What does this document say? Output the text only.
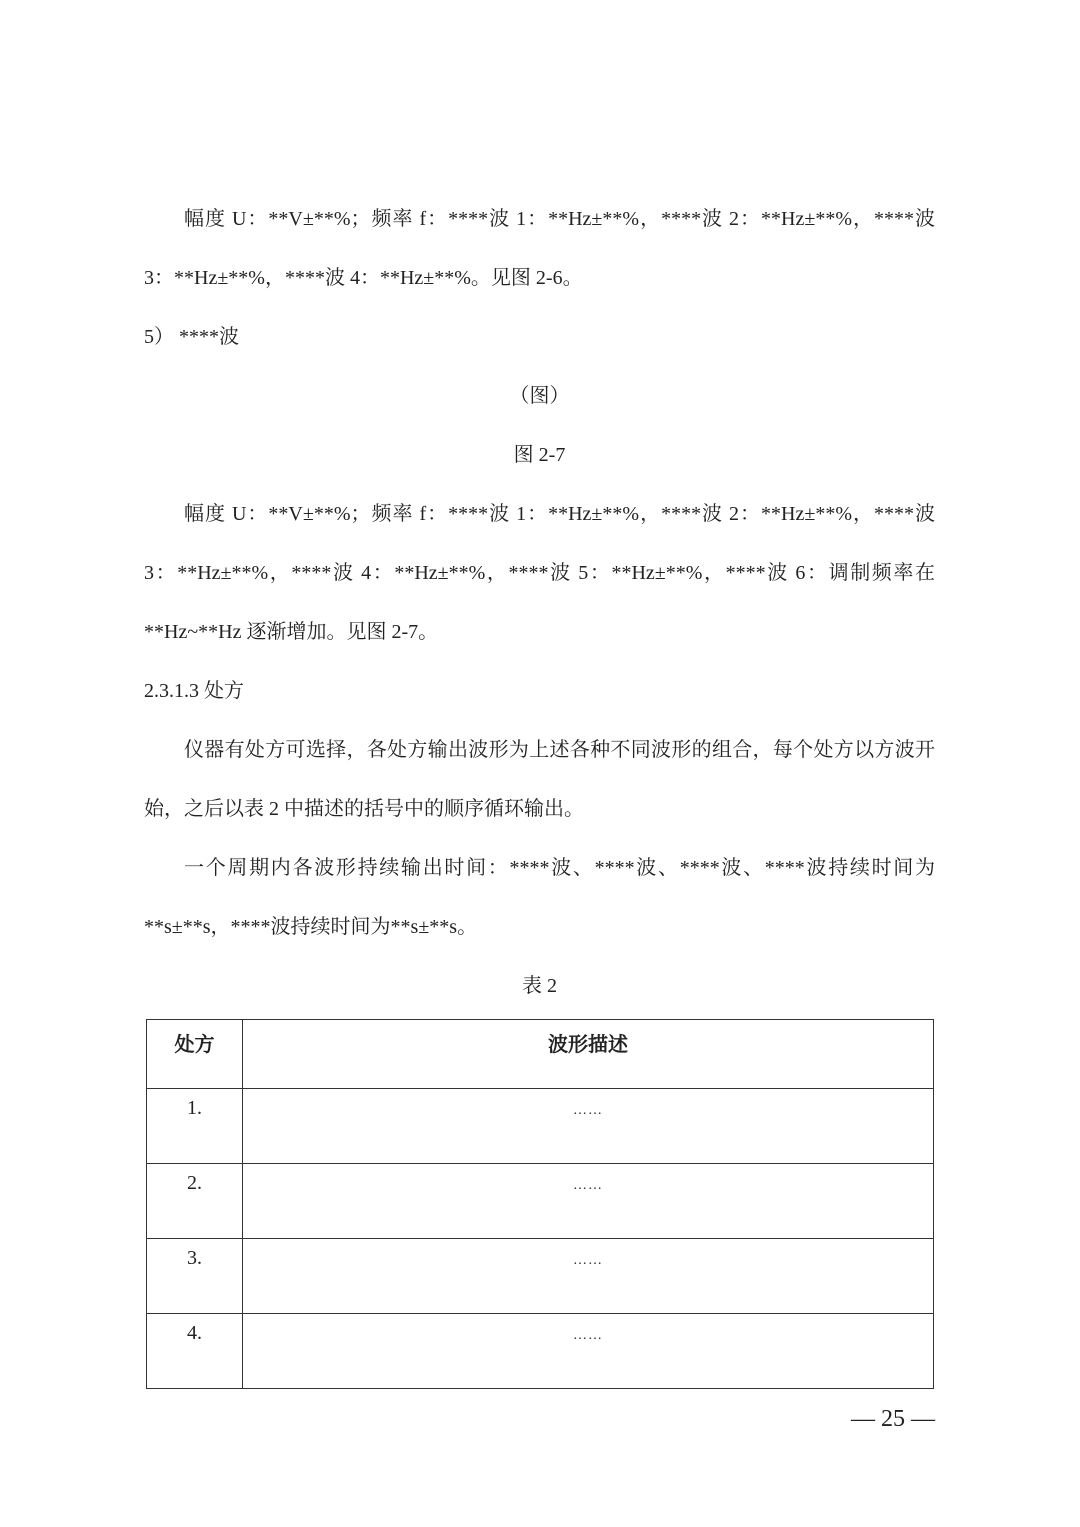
幅度 U：**V±**%；频率 f：****波 1：**Hz±**%，****波 2：**Hz±**%，****波 3：**Hz±**%，****波 4：**Hz±**%。见图 2-6。

5） ****波

（图）

图 2-7

幅度 U：**V±**%；频率 f：****波 1：**Hz±**%，****波 2：**Hz±**%，****波 3：**Hz±**%，****波 4：**Hz±**%，****波 5：**Hz±**%，****波 6：调制频率在**Hz~**Hz 逐渐增加。见图 2-7。

2.3.1.3 处方

仪器有处方可选择，各处方输出波形为上述各种不同波形的组合，每个处方以方波开始，之后以表 2 中描述的括号中的顺序循环输出。

一个周期内各波形持续输出时间：****波、****波、****波、****波持续时间为**s±**s，****波持续时间为**s±**s。

表 2

处方	波形描述
1.	……
2.	……
3.	……
4.	……
— 25 —
